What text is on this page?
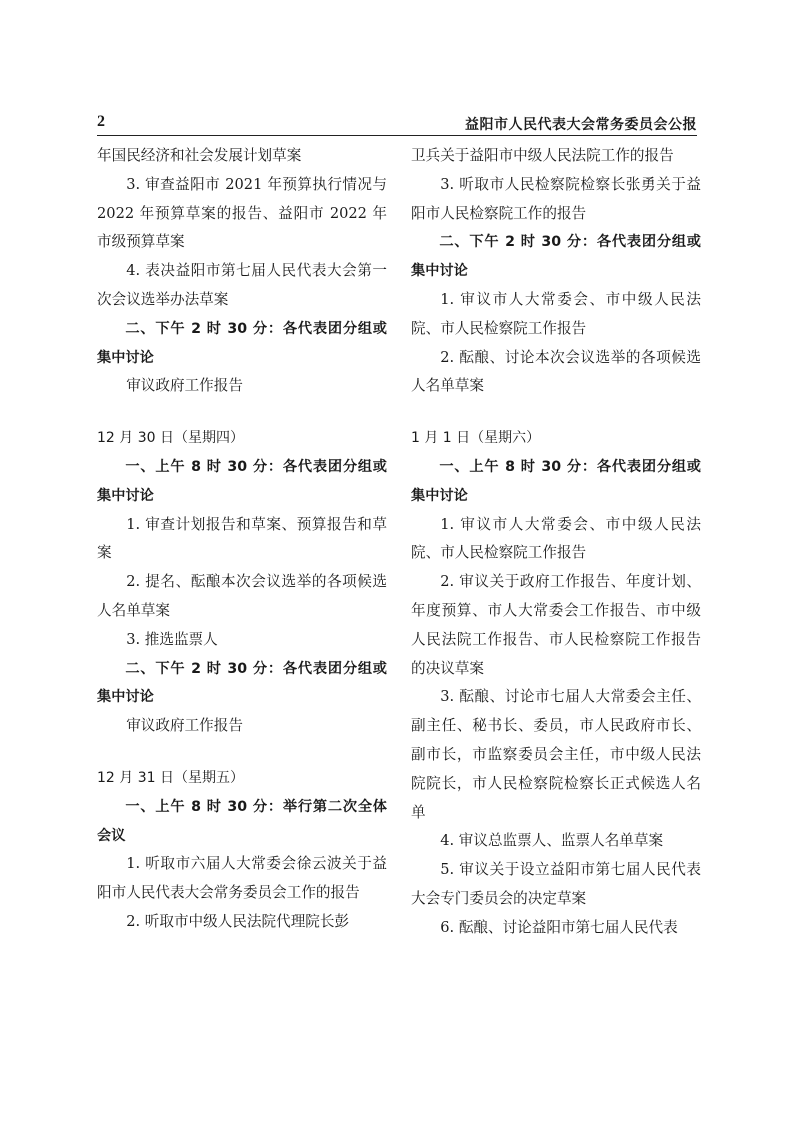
2	益阳市人民代表大会常务委员会公报

年国民经济和社会发展计划草案

3. 审查益阳市 2021 年预算执行情况与 2022 年预算草案的报告、益阳市 2022 年市级预算草案

4. 表决益阳市第七届人民代表大会第一次会议选举办法草案

二、下午 2 时 30 分：各代表团分组或集中讨论

审议政府工作报告

12 月 30 日（星期四）

一、上午 8 时 30 分：各代表团分组或集中讨论

1. 审查计划报告和草案、预算报告和草案

2. 提名、酝酿本次会议选举的各项候选人名单草案

3. 推选监票人

二、下午 2 时 30 分：各代表团分组或集中讨论

审议政府工作报告

12 月 31 日（星期五）

一、上午 8 时 30 分：举行第二次全体会议

1. 听取市六届人大常委会徐云波关于益阳市人民代表大会常务委员会工作的报告

2. 听取市中级人民法院代理院长彭

卫兵关于益阳市中级人民法院工作的报告

3. 听取市人民检察院检察长张勇关于益阳市人民检察院工作的报告

二、下午 2 时 30 分：各代表团分组或集中讨论

1. 审议市人大常委会、市中级人民法院、市人民检察院工作报告

2. 酝酿、讨论本次会议选举的各项候选人名单草案

1 月 1 日（星期六）

一、上午 8 时 30 分：各代表团分组或集中讨论

1. 审议市人大常委会、市中级人民法院、市人民检察院工作报告

2. 审议关于政府工作报告、年度计划、年度预算、市人大常委会工作报告、市中级人民法院工作报告、市人民检察院工作报告的决议草案

3. 酝酿、讨论市七届人大常委会主任、副主任、秘书长、委员，市人民政府市长、副市长，市监察委员会主任，市中级人民法院院长，市人民检察院检察长正式候选人名单

4. 审议总监票人、监票人名单草案

5. 审议关于设立益阳市第七届人民代表大会专门委员会的决定草案

6. 酝酿、讨论益阳市第七届人民代表
